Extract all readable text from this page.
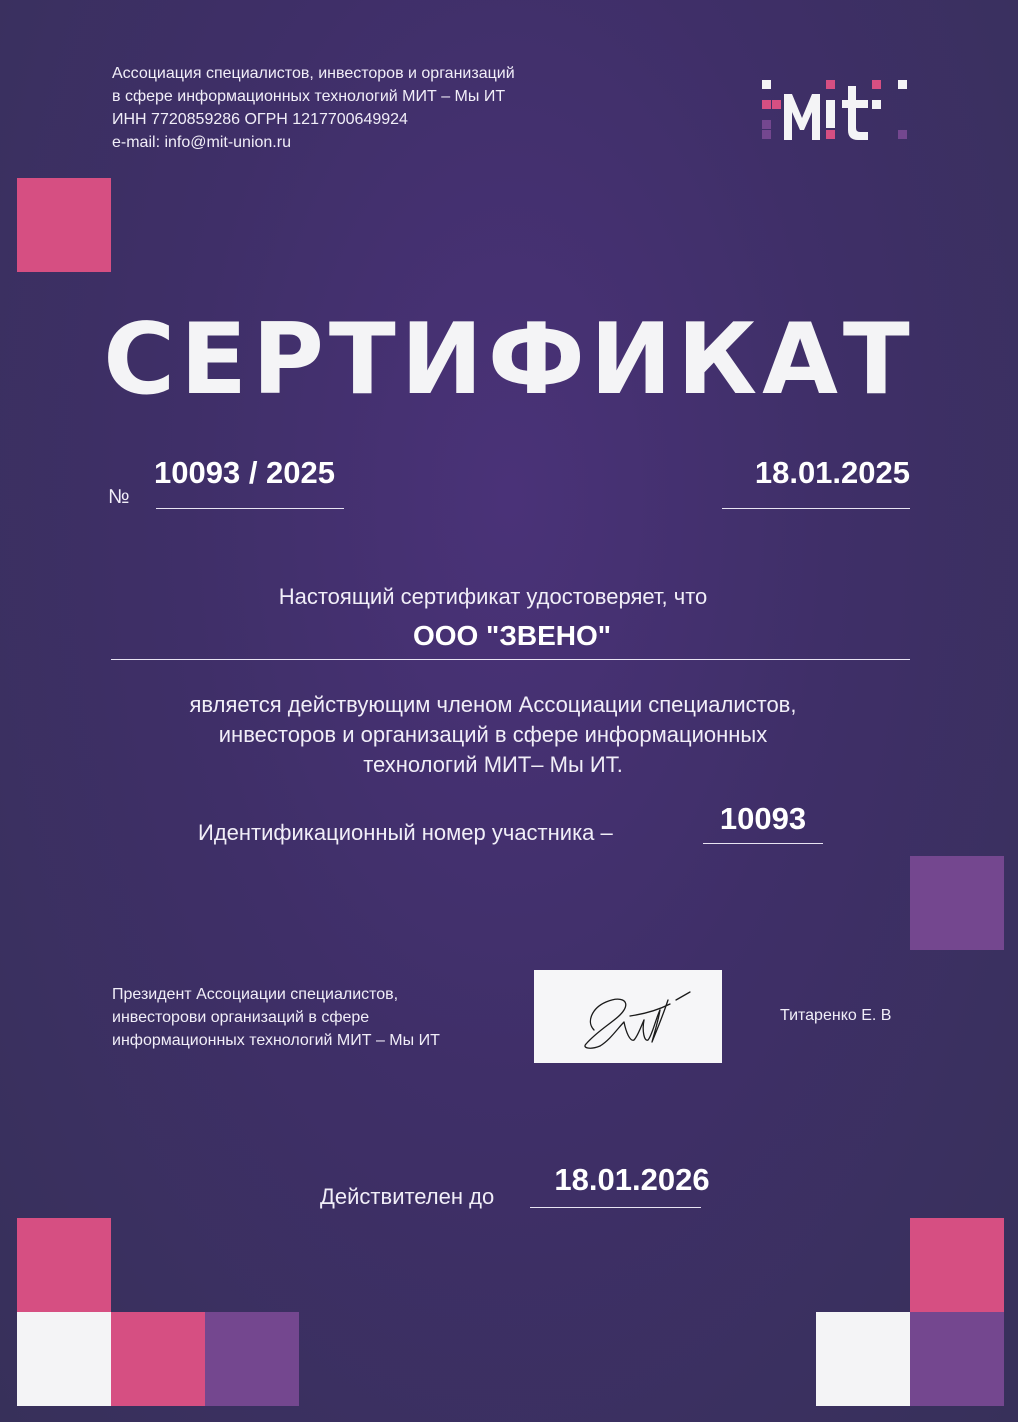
Ассоциация специалистов, инвесторов и организаций
в сфере информационных технологий МИТ – Мы ИТ
ИНН 7720859286 ОГРН 1217700649924
e-mail: info@mit-union.ru
СЕРТИФИКАТ
№
10093 / 2025	18.01.2025
Настоящий сертификат удостоверяет, что
ООО "ЗВЕНО"
является действующим членом Ассоциации специалистов,
инвесторов и организаций в сфере информационных
технологий МИТ– Мы ИТ.
Идентификационный номер участника –	10093
Президент Ассоциации специалистов,
инвесторови организаций в сфере
информационных технологий МИТ – Мы ИТ
Титаренко Е. В
Действителен до	18.01.2026
